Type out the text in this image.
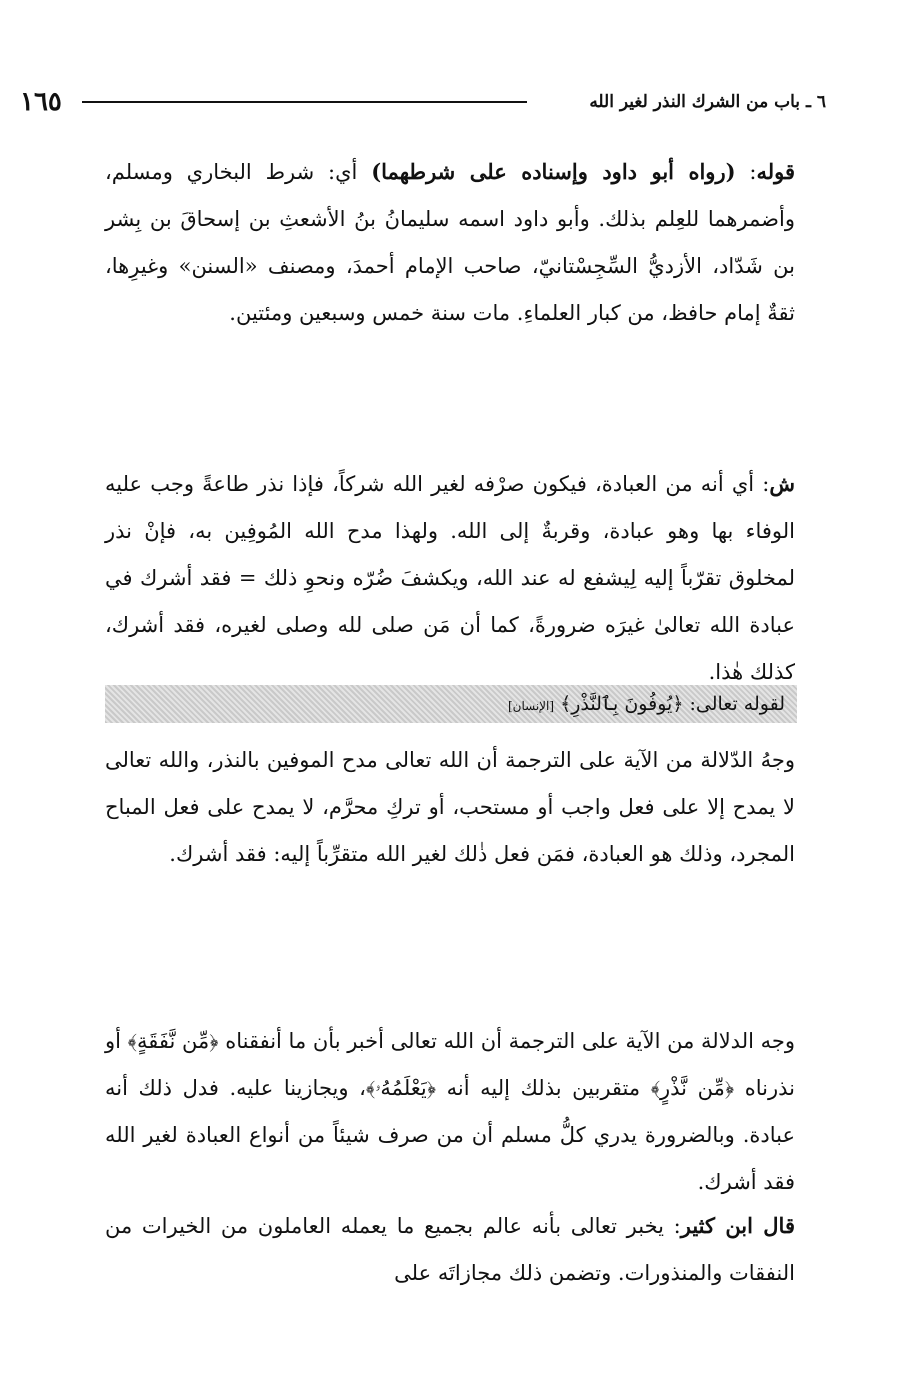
١٦٥	٦ ـ باب من الشرك النذر لغير الله

قوله: (رواه أبو داود وإسناده على شرطهما) أي: شرط البخاري ومسلم، وأضمرهما للعِلم بذلك. وأبو داود اسمه سليمانُ بنُ الأشعثِ بن إسحاقَ بن بِشر بن شَدّاد، الأزديُّ السِّجِسْتانيّ، صاحب الإمام أحمدَ، ومصنف «السنن» وغيرِها، ثقةٌ إمام حافظ، من كبار العلماءِ. مات سنة خمس وسبعين ومئتين.

ش: أي أنه من العبادة، فيكون صرْفه لغير الله شركاً، فإذا نذر طاعةً وجب عليه الوفاء بها وهو عبادة، وقربةٌ إلى الله. ولهذا مدح الله المُوفِين به، فإنْ نذر لمخلوق تقرّباً إليه لِيشفع له عند الله، ويكشفَ ضُرّه ونحوِ ذلك = فقد أشرك في عبادة الله تعالىٰ غيرَه ضرورةً، كما أن مَن صلى لله وصلى لغيره، فقد أشرك، كذلك هٰذا.

لقوله تعالى: ﴿يُوفُونَ بِٱلنَّذْرِ﴾ [الإنسان]

وجهُ الدّلالة من الآية على الترجمة أن الله تعالى مدح الموفين بالنذر، والله تعالى لا يمدح إلا على فعل واجب أو مستحب، أو تركِ محرَّم، لا يمدح على فعل المباح المجرد، وذلك هو العبادة، فمَن فعل ذٰلك لغير الله متقرِّباً إليه: فقد أشرك.

وجه الدلالة من الآية على الترجمة أن الله تعالى أخبر بأن ما أنفقناه ﴿مِّن نَّفَقَةٍ﴾ أو نذرناه ﴿مِّن نَّذْرٍ﴾ متقربين بذلك إليه أنه ﴿يَعْلَمُهُۥ﴾، ويجازينا عليه. فدل ذلك أنه عبادة. وبالضرورة يدري كلُّ مسلم أن من صرف شيئاً من أنواع العبادة لغير الله فقد أشرك.

قال ابن كثير: يخبر تعالى بأنه عالم بجميع ما يعمله العاملون من الخيرات من النفقات والمنذورات. وتضمن ذلك مجازاتَه على
